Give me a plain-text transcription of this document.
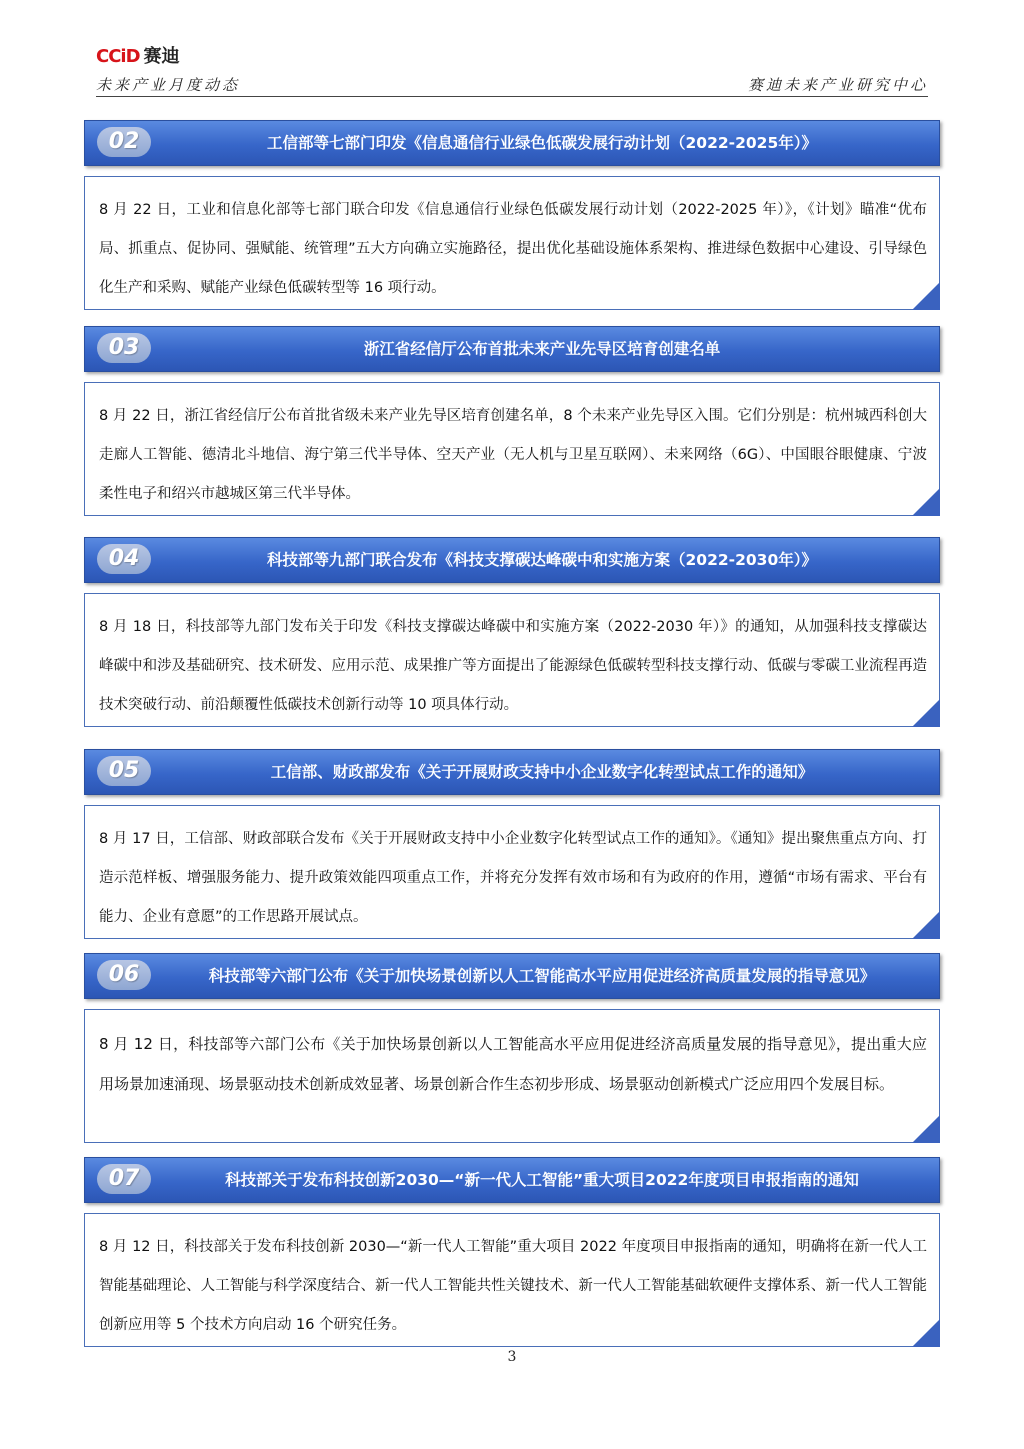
CCiD 赛迪
未来产业月度动态	赛迪未来产业研究中心
02	工信部等七部门印发《信息通信行业绿色低碳发展行动计划（2022-2025年）》
8 月 22 日，工业和信息化部等七部门联合印发《信息通信行业绿色低碳发展行动计划（2022-2025 年）》，《计划》瞄准“优布局、抓重点、促协同、强赋能、统管理”五大方向确立实施路径，提出优化基础设施体系架构、推进绿色数据中心建设、引导绿色化生产和采购、赋能产业绿色低碳转型等 16 项行动。
03	浙江省经信厅公布首批未来产业先导区培育创建名单
8 月 22 日，浙江省经信厅公布首批省级未来产业先导区培育创建名单，8 个未来产业先导区入围。它们分别是：杭州城西科创大走廊人工智能、德清北斗地信、海宁第三代半导体、空天产业（无人机与卫星互联网）、未来网络（6G）、中国眼谷眼健康、宁波柔性电子和绍兴市越城区第三代半导体。
04	科技部等九部门联合发布《科技支撑碳达峰碳中和实施方案（2022-2030年）》
8 月 18 日，科技部等九部门发布关于印发《科技支撑碳达峰碳中和实施方案（2022-2030 年）》的通知，从加强科技支撑碳达峰碳中和涉及基础研究、技术研发、应用示范、成果推广等方面提出了能源绿色低碳转型科技支撑行动、低碳与零碳工业流程再造技术突破行动、前沿颠覆性低碳技术创新行动等 10 项具体行动。
05	工信部、财政部发布《关于开展财政支持中小企业数字化转型试点工作的通知》
8 月 17 日，工信部、财政部联合发布《关于开展财政支持中小企业数字化转型试点工作的通知》。《通知》提出聚焦重点方向、打造示范样板、增强服务能力、提升政策效能四项重点工作，并将充分发挥有效市场和有为政府的作用，遵循“市场有需求、平台有能力、企业有意愿”的工作思路开展试点。
06	科技部等六部门公布《关于加快场景创新以人工智能高水平应用促进经济高质量发展的指导意见》
8 月 12 日，科技部等六部门公布《关于加快场景创新以人工智能高水平应用促进经济高质量发展的指导意见》，提出重大应用场景加速涌现、场景驱动技术创新成效显著、场景创新合作生态初步形成、场景驱动创新模式广泛应用四个发展目标。
07	科技部关于发布科技创新2030—“新一代人工智能”重大项目2022年度项目申报指南的通知
8 月 12 日，科技部关于发布科技创新 2030—“新一代人工智能”重大项目 2022 年度项目申报指南的通知，明确将在新一代人工智能基础理论、人工智能与科学深度结合、新一代人工智能共性关键技术、新一代人工智能基础软硬件支撑体系、新一代人工智能创新应用等 5 个技术方向启动 16 个研究任务。
3
